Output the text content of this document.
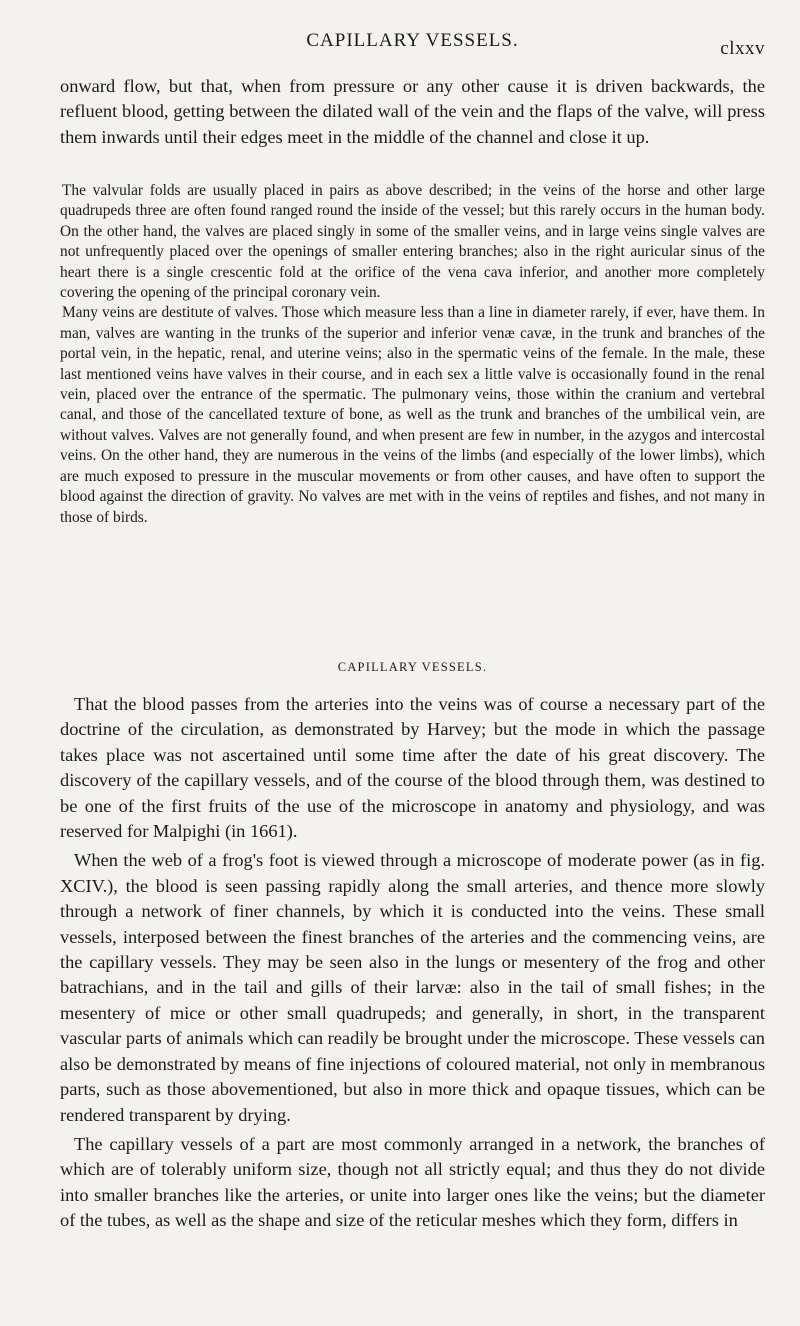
CAPILLARY VESSELS.	clxxv

onward flow, but that, when from pressure or any other cause it is driven backwards, the refluent blood, getting between the dilated wall of the vein and the flaps of the valve, will press them inwards until their edges meet in the middle of the channel and close it up.

The valvular folds are usually placed in pairs as above described; in the veins of the horse and other large quadrupeds three are often found ranged round the inside of the vessel; but this rarely occurs in the human body. On the other hand, the valves are placed singly in some of the smaller veins, and in large veins single valves are not unfrequently placed over the openings of smaller entering branches; also in the right auricular sinus of the heart there is a single crescentic fold at the orifice of the vena cava inferior, and another more completely covering the opening of the principal coronary vein.

Many veins are destitute of valves. Those which measure less than a line in diameter rarely, if ever, have them. In man, valves are wanting in the trunks of the superior and inferior venæ cavæ, in the trunk and branches of the portal vein, in the hepatic, renal, and uterine veins; also in the spermatic veins of the female. In the male, these last mentioned veins have valves in their course, and in each sex a little valve is occasionally found in the renal vein, placed over the entrance of the spermatic. The pulmonary veins, those within the cranium and vertebral canal, and those of the cancellated texture of bone, as well as the trunk and branches of the umbilical vein, are without valves. Valves are not generally found, and when present are few in number, in the azygos and intercostal veins. On the other hand, they are numerous in the veins of the limbs (and especially of the lower limbs), which are much exposed to pressure in the muscular movements or from other causes, and have often to support the blood against the direction of gravity. No valves are met with in the veins of reptiles and fishes, and not many in those of birds.

CAPILLARY VESSELS.

That the blood passes from the arteries into the veins was of course a necessary part of the doctrine of the circulation, as demonstrated by Harvey; but the mode in which the passage takes place was not ascertained until some time after the date of his great discovery. The discovery of the capillary vessels, and of the course of the blood through them, was destined to be one of the first fruits of the use of the microscope in anatomy and physiology, and was reserved for Malpighi (in 1661).

When the web of a frog's foot is viewed through a microscope of moderate power (as in fig. XCIV.), the blood is seen passing rapidly along the small arteries, and thence more slowly through a network of finer channels, by which it is conducted into the veins. These small vessels, interposed between the finest branches of the arteries and the commencing veins, are the capillary vessels. They may be seen also in the lungs or mesentery of the frog and other batrachians, and in the tail and gills of their larvæ: also in the tail of small fishes; in the mesentery of mice or other small quadrupeds; and generally, in short, in the transparent vascular parts of animals which can readily be brought under the microscope. These vessels can also be demonstrated by means of fine injections of coloured material, not only in membranous parts, such as those abovementioned, but also in more thick and opaque tissues, which can be rendered transparent by drying.

The capillary vessels of a part are most commonly arranged in a network, the branches of which are of tolerably uniform size, though not all strictly equal; and thus they do not divide into smaller branches like the arteries, or unite into larger ones like the veins; but the diameter of the tubes, as well as the shape and size of the reticular meshes which they form, differs in
